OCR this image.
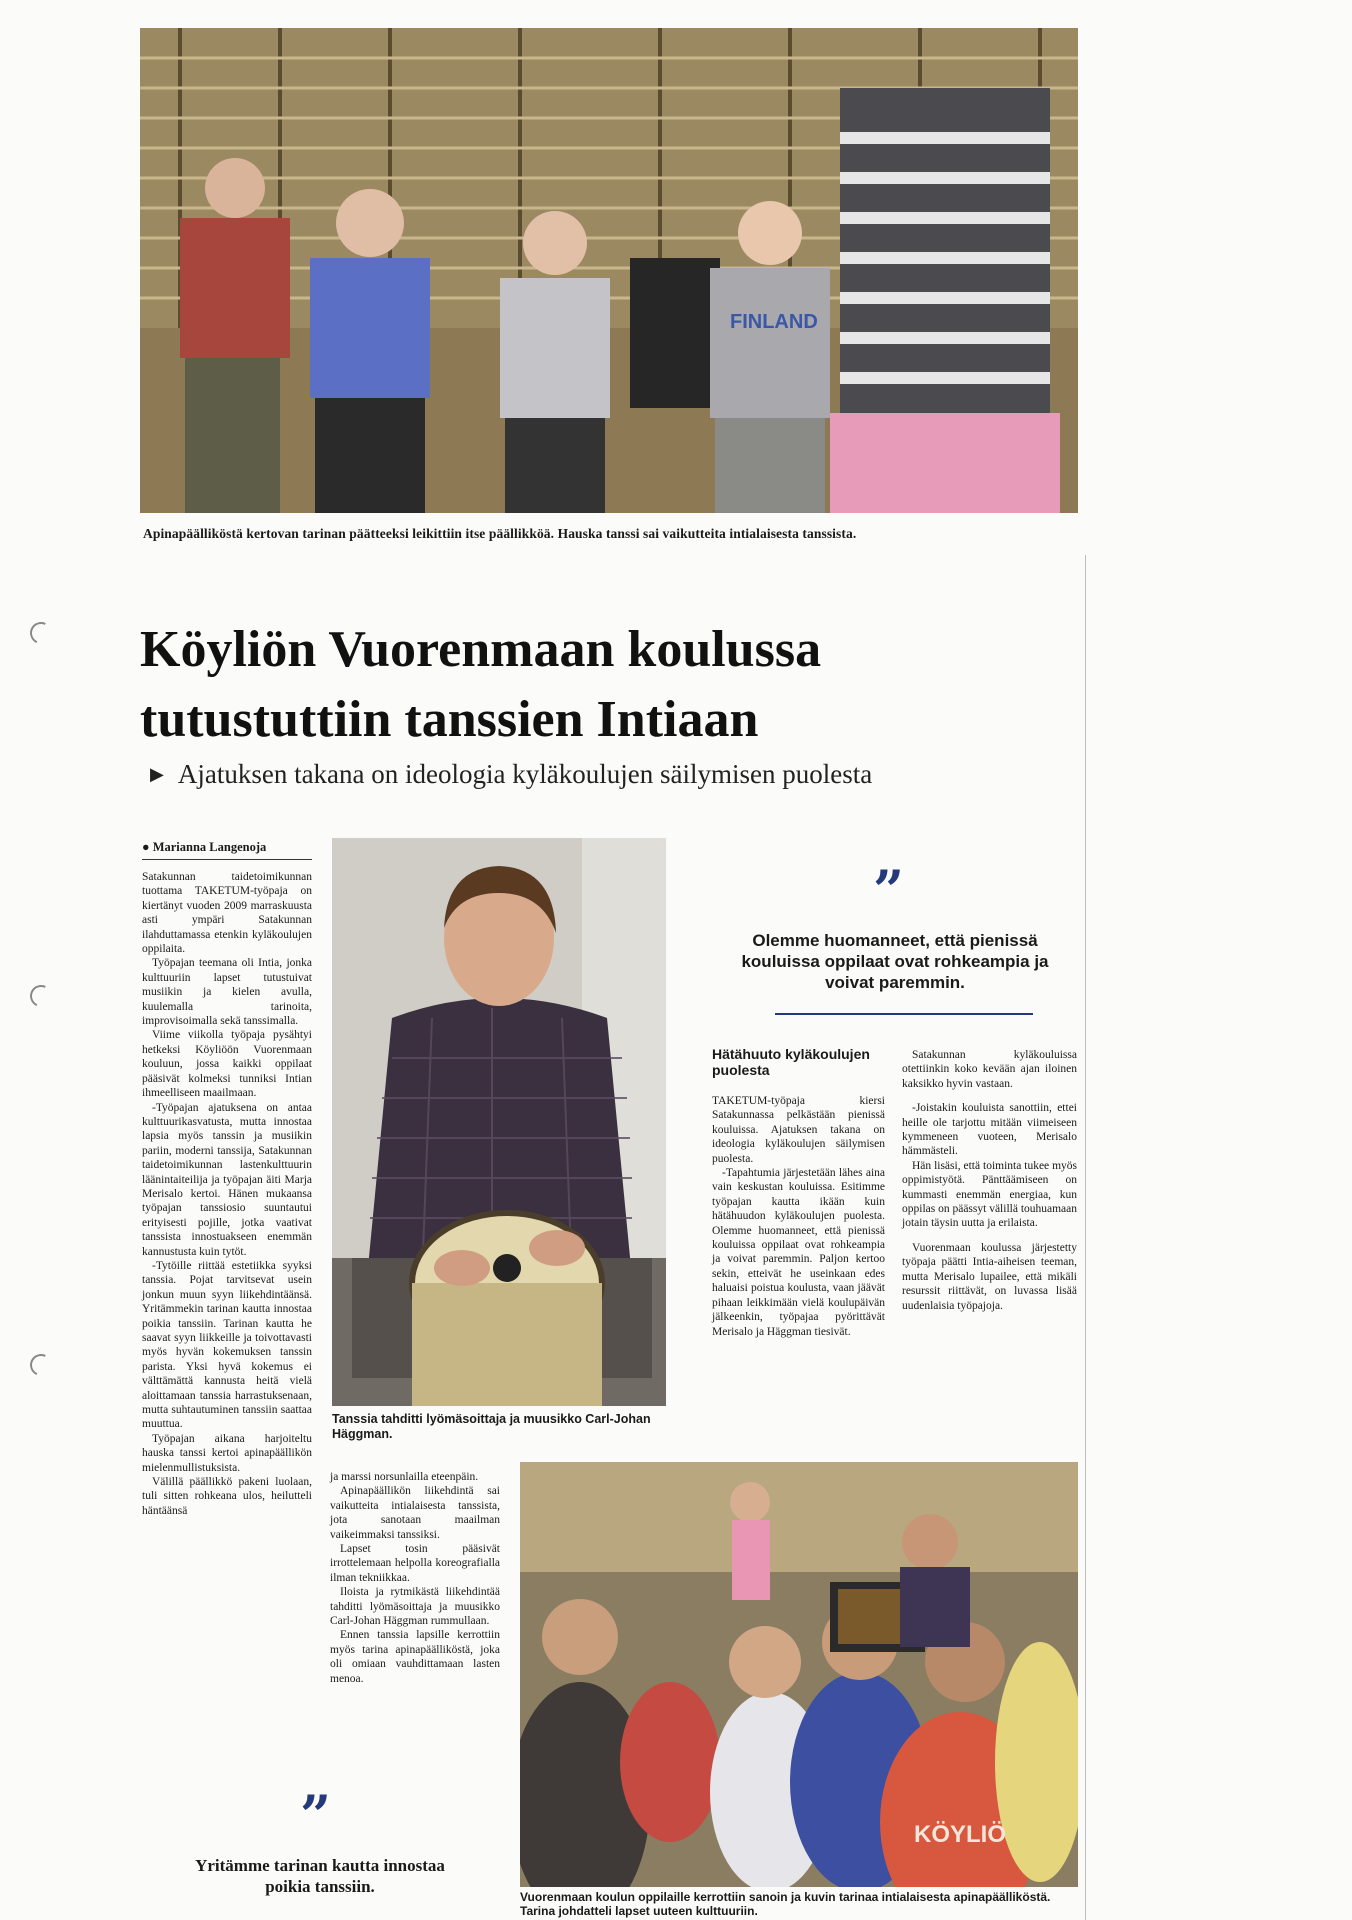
FINLAND
Apinapäälliköstä kertovan tarinan päätteeksi leikittiin itse päällikköä. Hauska tanssi sai vaikutteita intialaisesta tanssista.
Köyliön Vuorenmaan koulussa
tutustuttiin tanssien Intiaan
▶ Ajatuksen takana on ideologia kyläkoulujen säilymisen puolesta
● Marianna Langenoja

Satakunnan taidetoimikunnan tuottama TAKETUM-työpaja on kiertänyt vuoden 2009 marraskuusta asti ympäri Satakunnan ilahduttamassa etenkin kyläkoulujen oppilaita.

Työpajan teemana oli Intia, jonka kulttuuriin lapset tutustuivat musiikin ja kielen avulla, kuulemalla tarinoita, improvisoimalla sekä tanssimalla.

Viime viikolla työpaja pysähtyi hetkeksi Köyliöön Vuorenmaan kouluun, jossa kaikki oppilaat pääsivät kolmeksi tunniksi Intian ihmeelliseen maailmaan.

-Työpajan ajatuksena on antaa kulttuurikasvatusta, mutta innostaa lapsia myös tanssin ja musiikin pariin, moderni tanssija, Satakunnan taidetoimikunnan lastenkulttuurin läänintaiteilija ja työpajan äiti Marja Merisalo kertoi. Hänen mukaansa työpajan tanssiosio suuntautui erityisesti pojille, jotka vaativat tanssista innostuakseen enemmän kannustusta kuin tytöt.

-Tytöille riittää estetiikka syyksi tanssia. Pojat tarvitsevat usein jonkun muun syyn liikehdintäänsä. Yritämmekin tarinan kautta innostaa poikia tanssiin. Tarinan kautta he saavat syyn liikkeille ja toivottavasti myös hyvän kokemuksen tanssin parista. Yksi hyvä kokemus ei välttämättä kannusta heitä vielä aloittamaan tanssia harrastuksenaan, mutta suhtautuminen tanssiin saattaa muuttua.

Työpajan aikana harjoiteltu hauska tanssi kertoi apinapäällikön mielenmullistuksista.

Välillä päällikkö pakeni luolaan, tuli sitten rohkeana ulos, heilutteli häntäänsä

Tanssia tahditti lyömäsoittaja ja muusikko Carl-Johan Häggman.

ja marssi norsunlailla eteenpäin.

Apinapäällikön liikehdintä sai vaikutteita intialaisesta tanssista, jota sanotaan maailman vaikeimmaksi tanssiksi.

Lapset tosin pääsivät irrottelemaan helpolla koreografialla ilman tekniikkaa.

Iloista ja rytmikästä liikehdintää tahditti lyömäsoittaja ja muusikko Carl-Johan Häggman rummullaan.

Ennen tanssia lapsille kerrottiin myös tarina apinapäälliköstä, joka oli omiaan vauhdittamaan lasten menoa.

”
Olemme huomanneet, että pienissä kouluissa oppilaat ovat rohkeampia ja voivat paremmin.
Hätähuuto kyläkoulujen puolesta

TAKETUM-työpaja kiersi Satakunnassa pelkästään pienissä kouluissa. Ajatuksen takana on ideologia kyläkoulujen säilymisen puolesta.

-Tapahtumia järjestetään lähes aina vain keskustan kouluissa. Esitimme työpajan kautta ikään kuin hätähuudon kyläkoulujen puolesta. Olemme huomanneet, että pienissä kouluissa oppilaat ovat rohkeampia ja voivat paremmin. Paljon kertoo sekin, etteivät he useinkaan edes haluaisi poistua koulusta, vaan jäävät pihaan leikkimään vielä koulupäivän jälkeenkin, työpajaa pyörittävät Merisalo ja Häggman tiesivät.

Satakunnan kyläkouluissa otettiinkin koko kevään ajan iloinen kaksikko hyvin vastaan.

-Joistakin kouluista sanottiin, ettei heille ole tarjottu mitään viimeiseen kymmeneen vuoteen, Merisalo hämmästeli.

Hän lisäsi, että toiminta tukee myös oppimistyötä. Pänttäämiseen on kummasti enemmän energiaa, kun oppilas on päässyt välillä touhuamaan jotain täysin uutta ja erilaista.

Vuorenmaan koulussa järjestetty työpaja päätti Intia-aiheisen teeman, mutta Merisalo lupailee, että mikäli resurssit riittävät, on luvassa lisää uudenlaisia työpajoja.

KÖYLIÖ
Vuorenmaan koulun oppilaille kerrottiin sanoin ja kuvin tarinaa intialaisesta apinapäälliköstä. Tarina johdatteli lapset uuteen kulttuuriin.
”
Yritämme tarinan kautta innostaa poikia tanssiin.
